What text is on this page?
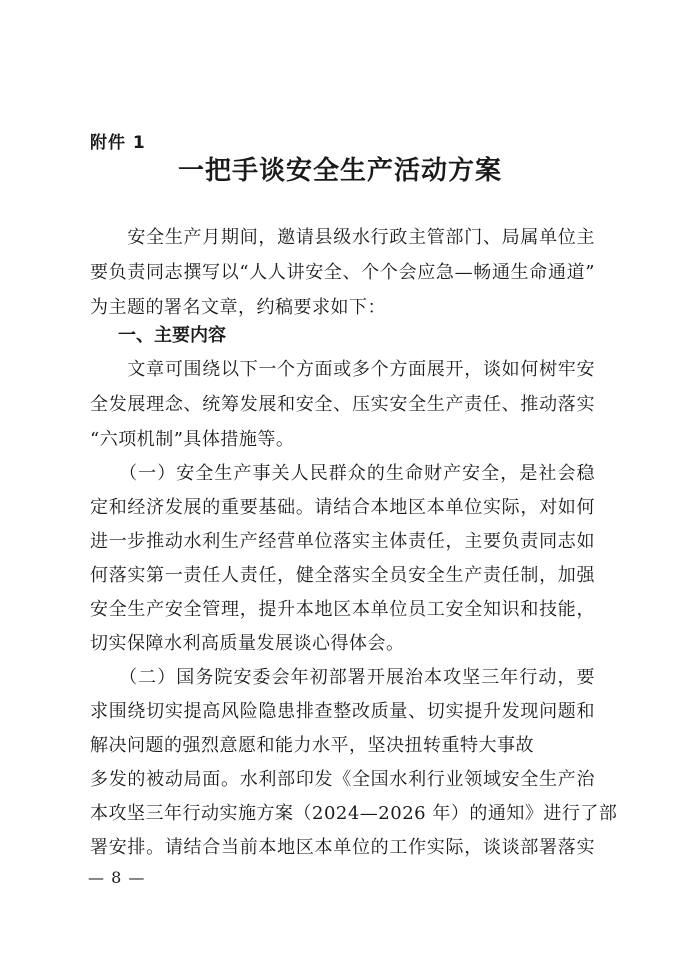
附件 1
一把手谈安全生产活动方案
　　安全生产月期间，邀请县级水行政主管部门、局属单位主
要负责同志撰写以“人人讲安全、个个会应急—畅通生命通道”
为主题的署名文章，约稿要求如下：
一、主要内容
　　文章可围绕以下一个方面或多个方面展开，谈如何树牢安
全发展理念、统筹发展和安全、压实安全生产责任、推动落实
“六项机制”具体措施等。
　　（一）安全生产事关人民群众的生命财产安全，是社会稳
定和经济发展的重要基础。请结合本地区本单位实际，对如何
进一步推动水利生产经营单位落实主体责任，主要负责同志如
何落实第一责任人责任，健全落实全员安全生产责任制，加强
安全生产安全管理，提升本地区本单位员工安全知识和技能，
切实保障水利高质量发展谈心得体会。
　　（二）国务院安委会年初部署开展治本攻坚三年行动，要
求围绕切实提高风险隐患排查整改质量、切实提升发现问题和
解决问题的强烈意愿和能力水平，坚决扭转重特大事故
多发的被动局面。水利部印发《全国水利行业领域安全生产治
本攻坚三年行动实施方案（2024—2026 年）的通知》进行了部
署安排。请结合当前本地区本单位的工作实际，谈谈部署落实
— 8 —
